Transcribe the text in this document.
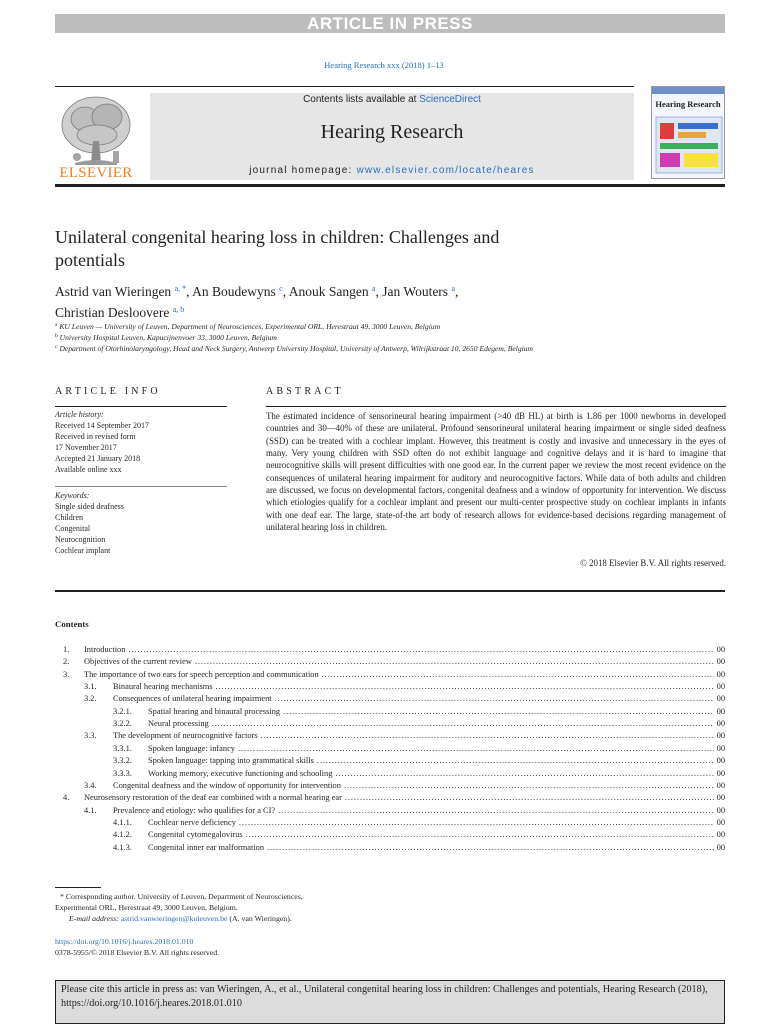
ARTICLE IN PRESS
Hearing Research xxx (2018) 1–13
ELSEVIER
Contents lists available at ScienceDirect
Hearing Research
journal homepage: www.elsevier.com/locate/heares
Hearing Research
Unilateral congenital hearing loss in children: Challenges and
potentials
Astrid van Wieringen $^{a, *}$, An Boudewyns $^c$, Anouk Sangen $^a$, Jan Wouters $^a$,
Christian Desloovere $^{a, b}$
$^a$ KU Leuven — University of Leuven, Department of Neurosciences, Experimental ORL, Herestraat 49, 3000 Leuven, Belgium
$^b$ University Hospital Leuven, Kapucijnenvoer 33, 3000 Leuven, Belgium
$^c$ Department of Otorhinolaryngology, Head and Neck Surgery, Antwerp University Hospital, University of Antwerp, Wilrijkstraat 10, 2650 Edegem, Belgium
ARTICLE INFO	ABSTRACT
Article history:
Received 14 September 2017
Received in revised form
17 November 2017
Accepted 21 January 2018
Available online xxx
Keywords:
Single sided deafness
Children
Congenital
Neurocognition
Cochlear implant
The estimated incidence of sensorineural hearing impairment (>40 dB HL) at birth is 1.86 per 1000 newborns in developed countries and 30—40% of these are unilateral. Profound sensorineural unilateral hearing impairment or single sided deafness (SSD) can be treated with a cochlear implant. However, this treatment is costly and invasive and unnecessary in the eyes of many. Very young children with SSD often do not exhibit language and cognitive delays and it is hard to imagine that neurocognitive skills will present difficulties with one good ear. In the current paper we review the most recent evidence on the consequences of unilateral hearing impairment for auditory and neurocognitive factors. While data of both adults and children are discussed, we focus on developmental factors, congenital deafness and a window of opportunity for intervention. We discuss which etiologies qualify for a cochlear implant and present our multi-center prospective study on cochlear implants in infants with one deaf ear. The large, state-of-the art body of research allows for evidence-based decisions regarding management of unilateral hearing loss in children.
© 2018 Elsevier B.V. All rights reserved.
Contents
1.	Introduction . . .	00
2.	Objectives of the current review . . .	00
3.	The importance of two ears for speech perception and communication . . .	00
3.1.	Binaural hearing mechanisms . . .	00
3.2.	Consequences of unilateral hearing impairment . . .	00
3.2.1.	Spatial hearing and binaural processing . . .	00
3.2.2.	Neural processing . . .	00
3.3.	The development of neurocognitive factors . . .	00
3.3.1.	Spoken language: infancy . . .	00
3.3.2.	Spoken language: tapping into grammatical skills . . .	00
3.3.3.	Working memory, executive functioning and schooling . . .	00
3.4.	Congenital deafness and the window of opportunity for intervention . . .	00
4.	Neurosensory restoration of the deaf ear combined with a normal hearing ear . . .	00
4.1.	Prevalence and etiology: who qualifies for a CI? . . .	00
4.1.1.	Cochlear nerve deficiency . . .	00
4.1.2.	Congenital cytomegalovirus . . .	00
4.1.3.	Congenital inner ear malformation . . .	00
* Corresponding author. University of Leuven, Department of Neurosciences,
Experimental ORL, Herestraat 49, 3000 Leuven, Belgium.
E-mail address: astrid.vanwieringen@kuleuven.be (A. van Wieringen).
https://doi.org/10.1016/j.heares.2018.01.010
0378-5955/© 2018 Elsevier B.V. All rights reserved.
Please cite this article in press as: van Wieringen, A., et al., Unilateral congenital hearing loss in children: Challenges and potentials, Hearing Research (2018), https://doi.org/10.1016/j.heares.2018.01.010
